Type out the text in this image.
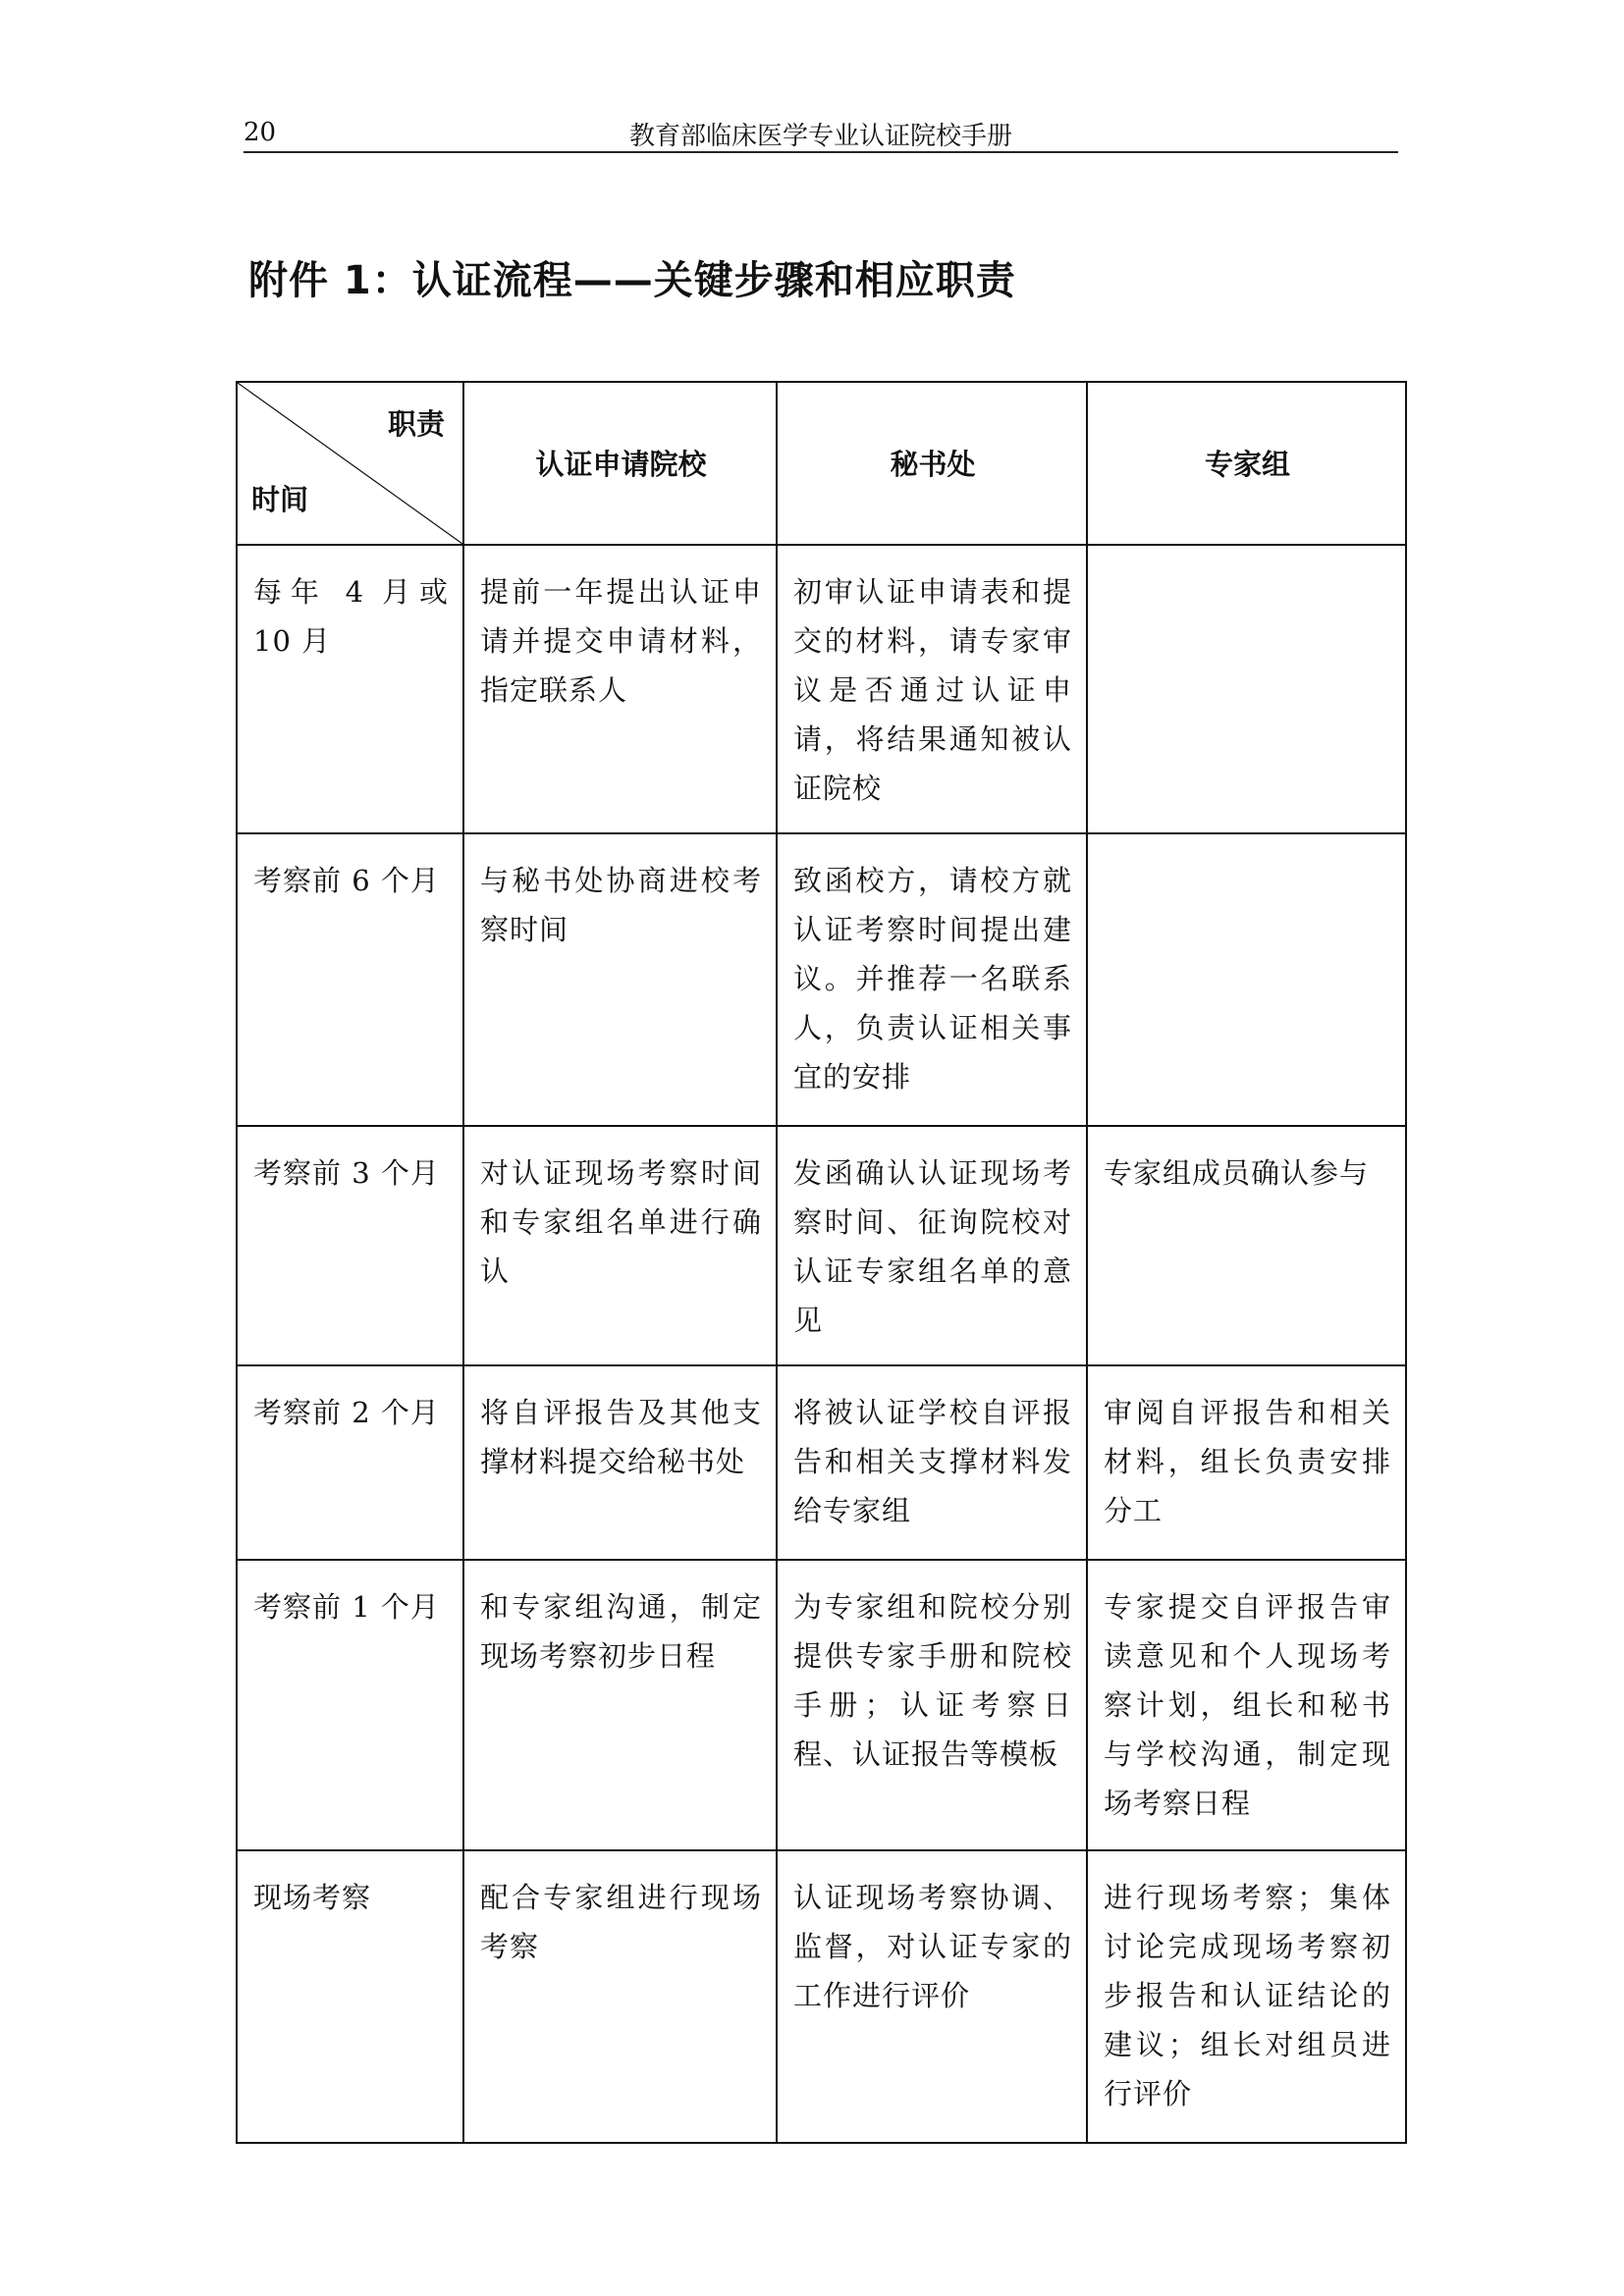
20	教育部临床医学专业认证院校手册
附件 1：认证流程——关键步骤和相应职责
职责
时间	认证申请院校	秘书处	专家组
每年 4 月或 10 月	提前一年提出认证申请并提交申请材料，指定联系人	初审认证申请表和提交的材料，请专家审议是否通过认证申请，将结果通知被认证院校	
考察前 6 个月	与秘书处协商进校考察时间	致函校方，请校方就认证考察时间提出建议。并推荐一名联系人，负责认证相关事宜的安排	
考察前 3 个月	对认证现场考察时间和专家组名单进行确认	发函确认认证现场考察时间、征询院校对认证专家组名单的意见	专家组成员确认参与
考察前 2 个月	将自评报告及其他支撑材料提交给秘书处	将被认证学校自评报告和相关支撑材料发给专家组	审阅自评报告和相关材料，组长负责安排分工
考察前 1 个月	和专家组沟通，制定现场考察初步日程	为专家组和院校分别提供专家手册和院校手册；认证考察日程、认证报告等模板	专家提交自评报告审读意见和个人现场考察计划，组长和秘书与学校沟通，制定现场考察日程
现场考察	配合专家组进行现场考察	认证现场考察协调、监督，对认证专家的工作进行评价	进行现场考察；集体讨论完成现场考察初步报告和认证结论的建议；组长对组员进行评价
